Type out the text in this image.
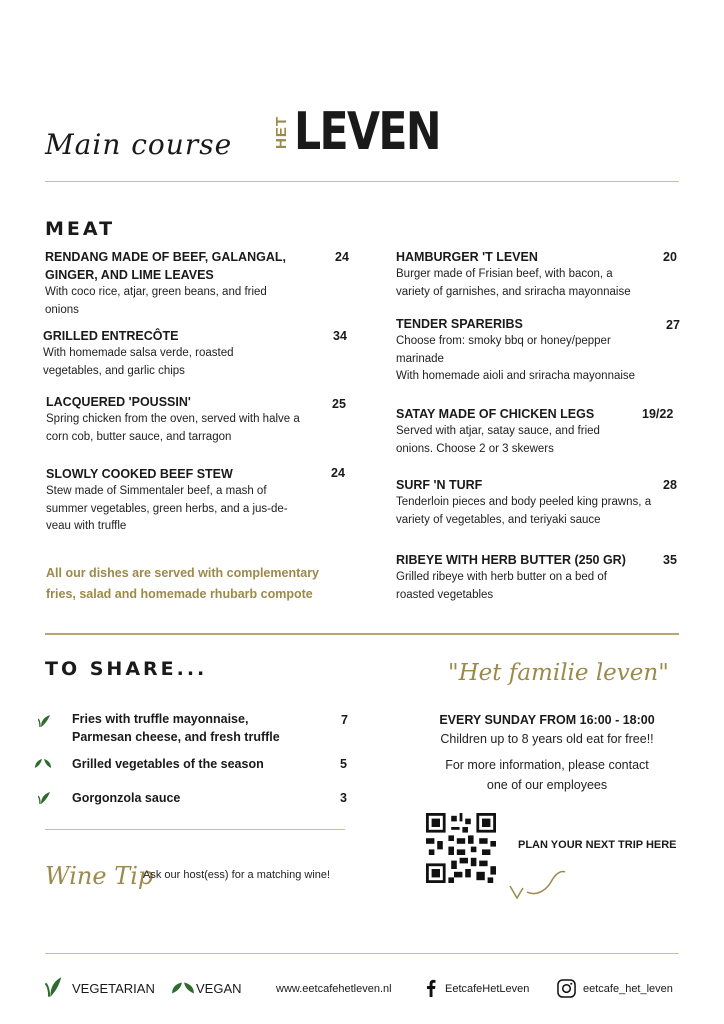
Main course	HET LEVEN
MEAT
RENDANG MADE OF BEEF, GALANGAL, GINGER, AND LIME LEAVES
With coco rice, atjar, green beans, and fried onions
24
GRILLED ENTRECÔTE
With homemade salsa verde, roasted vegetables, and garlic chips
34
LACQUERED 'POUSSIN'
Spring chicken from the oven, served with halve a corn cob, butter sauce, and tarragon
25
SLOWLY COOKED BEEF STEW
Stew made of Simmentaler beef, a mash of summer vegetables, green herbs, and a jus-de-veau with truffle
24
All our dishes are served with complementary fries, salad and homemade rhubarb compote
HAMBURGER 'T LEVEN
Burger made of Frisian beef, with bacon, a variety of garnishes, and sriracha mayonnaise
20
TENDER SPARERIBS
Choose from: smoky bbq or honey/pepper marinade
With homemade aioli and sriracha mayonnaise
27
SATAY MADE OF CHICKEN LEGS
Served with atjar, satay sauce, and fried onions. Choose 2 or 3 skewers
19/22
SURF 'N TURF
Tenderloin pieces and body peeled king prawns, a variety of vegetables, and teriyaki sauce
28
RIBEYE WITH HERB BUTTER (250 GR)
Grilled ribeye with herb butter on a bed of roasted vegetables
35
TO SHARE...
Fries with truffle mayonnaise, Parmesan cheese, and fresh truffle
7
Grilled vegetables of the season	5
Gorgonzola sauce	3
Wine Tip
Ask our host(ess) for a matching wine!
"Het familie leven"
EVERY SUNDAY FROM 16:00 - 18:00
Children up to 8 years old eat for free!!
For more information, please contact
one of our employees
PLAN YOUR NEXT TRIP HERE
VEGETARIAN	VEGAN	www.eetcafehetleven.nl	EetcafeHetLeven	eetcafe_het_leven
